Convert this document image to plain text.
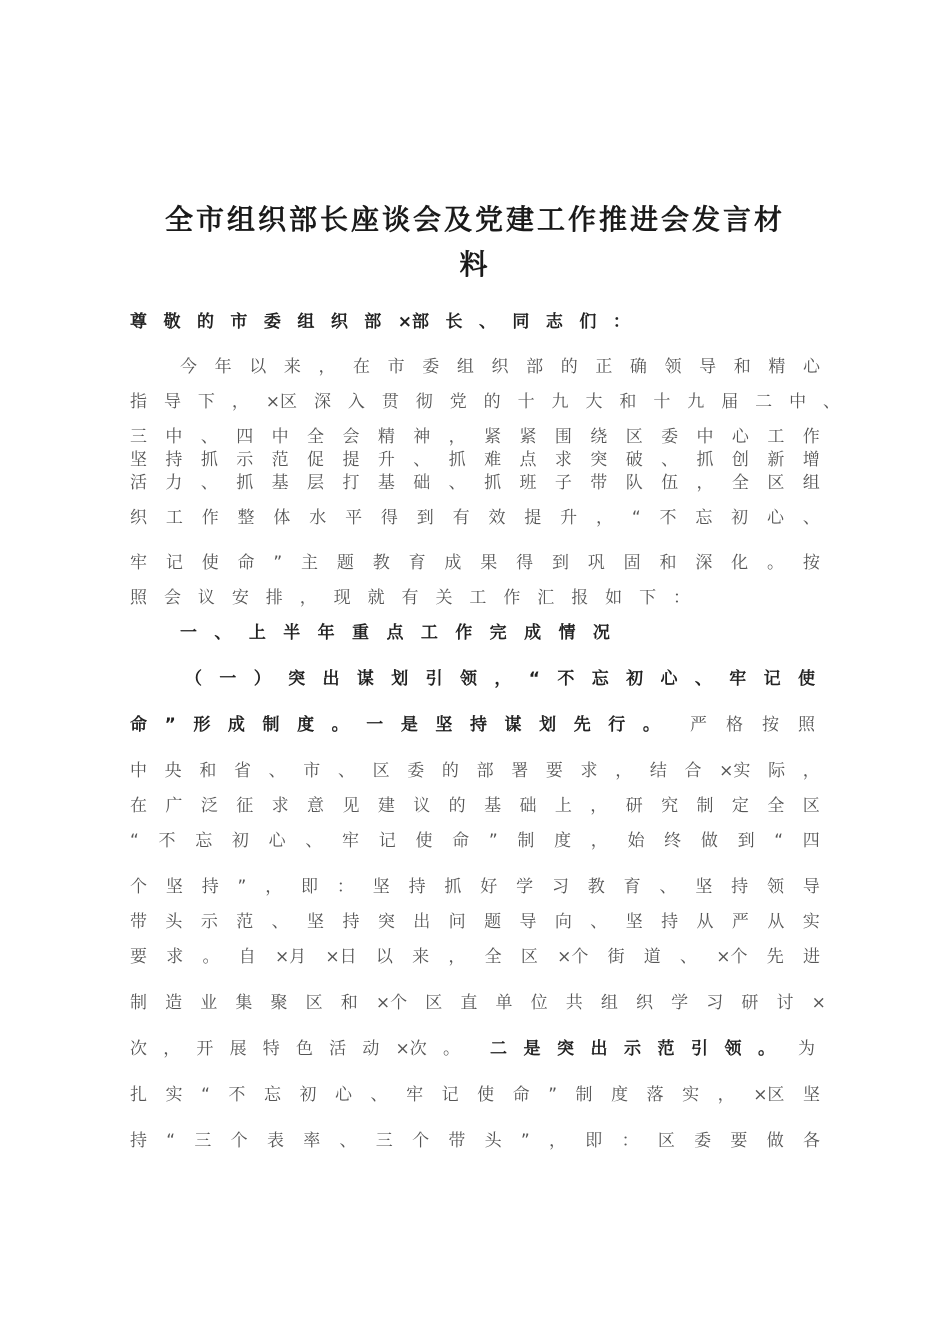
全市组织部长座谈会及党建工作推进会发言材
料
尊 敬 的 市 委 组 织 部 ×部 长 、 同 志 们 ：
今 年 以 来 ， 在 市 委 组 织 部 的 正 确 领 导 和 精 心
指 导 下 ， ×区 深 入 贯 彻 党 的 十 九 大 和 十 九 届 二 中 、
三 中 、 四 中 全 会 精 神 ， 紧 紧 围 绕 区 委 中 心 工 作
坚 持 抓 示 范 促 提 升 、 抓 难 点 求 突 破 、 抓 创 新 增
活 力 、 抓 基 层 打 基 础 、 抓 班 子 带 队 伍 ， 全 区 组
织 工 作 整 体 水 平 得 到 有 效 提 升 ， “ 不 忘 初 心 、
牢 记 使 命 ” 主 题 教 育 成 果 得 到 巩 固 和 深 化 。 按
照 会 议 安 排 ， 现 就 有 关 工 作 汇 报 如 下 ：
一 、 上 半 年 重 点 工 作 完 成 情 况
（ 一 ） 突 出 谋 划 引 领 ， “ 不 忘 初 心 、 牢 记 使
命 ” 形 成 制 度 。 一 是 坚 持 谋 划 先 行 。 严 格 按 照
中 央 和 省 、 市 、 区 委 的 部 署 要 求 ， 结 合 ×实 际 ，
在 广 泛 征 求 意 见 建 议 的 基 础 上 ， 研 究 制 定 全 区
“ 不 忘 初 心 、 牢 记 使 命 ” 制 度 ， 始 终 做 到 “ 四
个 坚 持 ” ， 即 ： 坚 持 抓 好 学 习 教 育 、 坚 持 领 导
带 头 示 范 、 坚 持 突 出 问 题 导 向 、 坚 持 从 严 从 实
要 求 。 自 ×月 ×日 以 来 ， 全 区 ×个 街 道 、 ×个 先 进
制 造 业 集 聚 区 和 ×个 区 直 单 位 共 组 织 学 习 研 讨 ×
次 ， 开 展 特 色 活 动 ×次 。 二 是 突 出 示 范 引 领 。 为
扎 实 “ 不 忘 初 心 、 牢 记 使 命 ” 制 度 落 实 ， ×区 坚
持 “ 三 个 表 率 、 三 个 带 头 ” ， 即 ： 区 委 要 做 各
